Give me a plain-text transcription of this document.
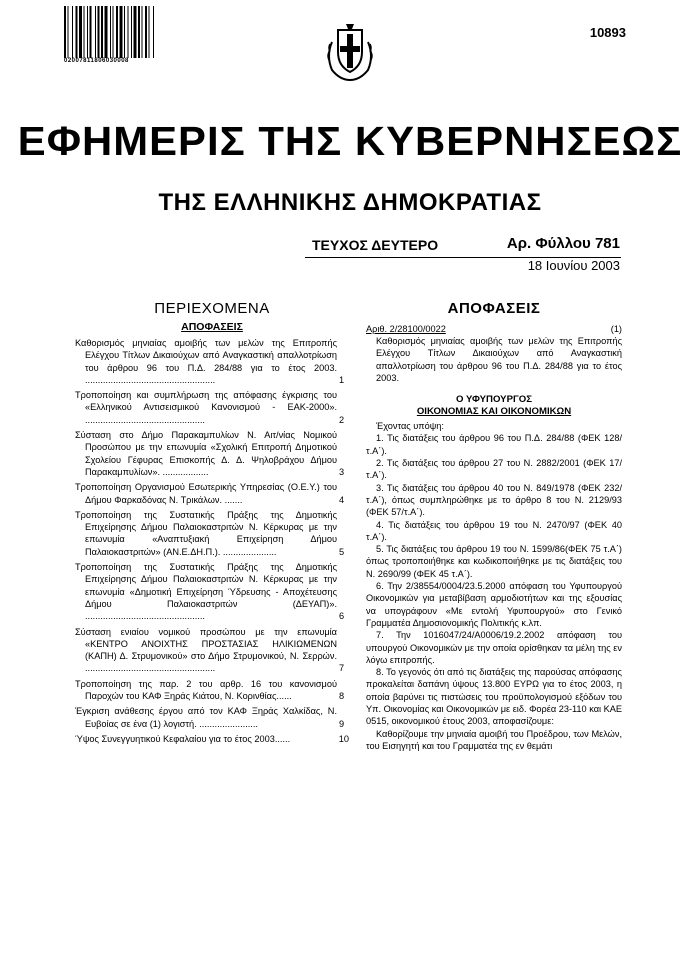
02007811806030008
10893
ΕΦΗΜΕΡΙΣ ΤΗΣ ΚΥΒΕΡΝΗΣΕΩΣ
ΤΗΣ ΕΛΛΗΝΙΚΗΣ ΔΗΜΟΚΡΑΤΙΑΣ
ΤΕΥΧΟΣ ΔΕΥΤΕΡΟ	Αρ. Φύλλου 781
18 Ιουνίου 2003
ΠΕΡΙΕΧΟΜΕΝΑ
ΑΠΟΦΑΣΕΙΣ
Καθορισμός μηνιαίας αμοιβής των μελών της Επιτροπής Ελέγχου Τίτλων Δικαιούχων από Αναγκαστική απαλλοτρίωση του άρθρου 96 του Π.Δ. 284/88 για το έτος 2003. ...................................................	1
Τροποποίηση και συμπλήρωση της απόφασης έγκρισης του «Ελληνικού Αντισεισμικού Κανονισμού - ΕΑΚ-2000». ...............................................	2
Σύσταση στο Δήμο Παρακαμπυλίων Ν. Αιτ/νίας Νομικού Προσώπου με την επωνυμία «Σχολική Επιτροπή Δημοτικού Σχολείου Γέφυρας Επισκοπής Δ. Δ. Ψηλοβράχου Δήμου Παρακαμπυλίων». ..................	3
Τροποποίηση Οργανισμού Εσωτερικής Υπηρεσίας (Ο.Ε.Υ.) του Δήμου Φαρκαδόνας Ν. Τρικάλων. .......	4
Τροποποίηση της Συστατικής Πράξης της Δημοτικής Επιχείρησης Δήμου Παλαιοκαστριτών Ν. Κέρκυρας με την επωνυμία «Αναπτυξιακή Επιχείρηση Δήμου Παλαιοκαστριτών» (ΑΝ.Ε.ΔΗ.Π.). .....................	5
Τροποποίηση της Συστατικής Πράξης της Δημοτικής Επιχείρησης Δήμου Παλαιοκαστριτών Ν. Κέρκυρας με την επωνυμία «Δημοτική Επιχείρηση Ύδρευσης - Αποχέτευσης Δήμου Παλαιοκαστριτών (ΔΕΥΑΠ)». ...............................................	6
Σύσταση ενιαίου νομικού προσώπου με την επωνυμία «ΚΕΝΤΡΟ ΑΝΟΙΧΤΗΣ ΠΡΟΣΤΑΣΙΑΣ ΗΛΙΚΙΩΜΕΝΩΝ (ΚΑΠΗ) Δ. Στρυμονικού» στο Δήμο Στρυμονικού, Ν. Σερρών. ...................................................	7
Τροποποίηση της παρ. 2 του αρθρ. 16 του κανονισμού Παροχών του ΚΑΦ Ξηράς Κιάτου, Ν. Κορινθίας......	8
Έγκριση ανάθεσης έργου από τον ΚΑΦ Ξηράς Χαλκίδας, Ν. Ευβοίας σε ένα (1) λογιστή. .......................	9
Ύψος Συνεγγυητικού Κεφαλαίου για το έτος 2003......	10
ΑΠΟΦΑΣΕΙΣ
Αριθ. 2/28100/0022	(1)

Καθορισμός μηνιαίας αμοιβής των μελών της Επιτροπής Ελέγχου Τίτλων Δικαιούχων από Αναγκαστική απαλλοτρίωση του άρθρου 96 του Π.Δ. 284/88 για το έτος 2003.

Ο ΥΦΥΠΟΥΡΓΟΣ
ΟΙΚΟΝΟΜΙΑΣ ΚΑΙ ΟΙΚΟΝΟΜΙΚΩΝ

Έχοντας υπόψη:

1. Τις διατάξεις του άρθρου 96 του Π.Δ. 284/88 (ΦΕΚ 128/τ.Α΄).

2. Τις διατάξεις του άρθρου 27 του Ν. 2882/2001 (ΦΕΚ 17/τ.Α΄).

3. Τις διατάξεις του άρθρου 40 του Ν. 849/1978 (ΦΕΚ 232/τ.Α΄), όπως συμπληρώθηκε με το άρθρο 8 του Ν. 2129/93 (ΦΕΚ 57/τ.Α΄).

4. Τις διατάξεις του άρθρου 19 του Ν. 2470/97 (ΦΕΚ 40 τ.Α΄).

5. Τις διατάξεις του άρθρου 19 του Ν. 1599/86(ΦΕΚ 75 τ.Α΄) όπως τροποποιήθηκε και κωδικοποιήθηκε με τις διατάξεις του Ν. 2690/99 (ΦΕΚ 45 τ.Α΄).

6. Την 2/38554/0004/23.5.2000 απόφαση του Υφυπουργού Οικονομικών για μεταβίβαση αρμοδιοτήτων και της εξουσίας να υπογράφουν «Με εντολή Υφυπουργού» στο Γενικό Γραμματέα Δημοσιονομικής Πολιτικής κ.λπ.

7. Την 1016047/24/Α0006/19.2.2002 απόφαση του υπουργού Οικονομικών με την οποία ορίσθηκαν τα μέλη της εν λόγω επιτροπής.

8. Το γεγονός ότι από τις διατάξεις της παρούσας απόφασης προκαλείται δαπάνη ύψους 13.800 ΕΥΡΩ για το έτος 2003, η οποία βαρύνει τις πιστώσεις του προϋπολογισμού εξόδων του Υπ. Οικονομίας και Οικονομικών με ειδ. Φορέα 23-110 και ΚΑΕ 0515, οικονομικού έτους 2003, αποφασίζουμε:

Καθορίζουμε την μηνιαία αμοιβή του Προέδρου, των Μελών, του Εισηγητή και του Γραμματέα της εν θεμάτι
